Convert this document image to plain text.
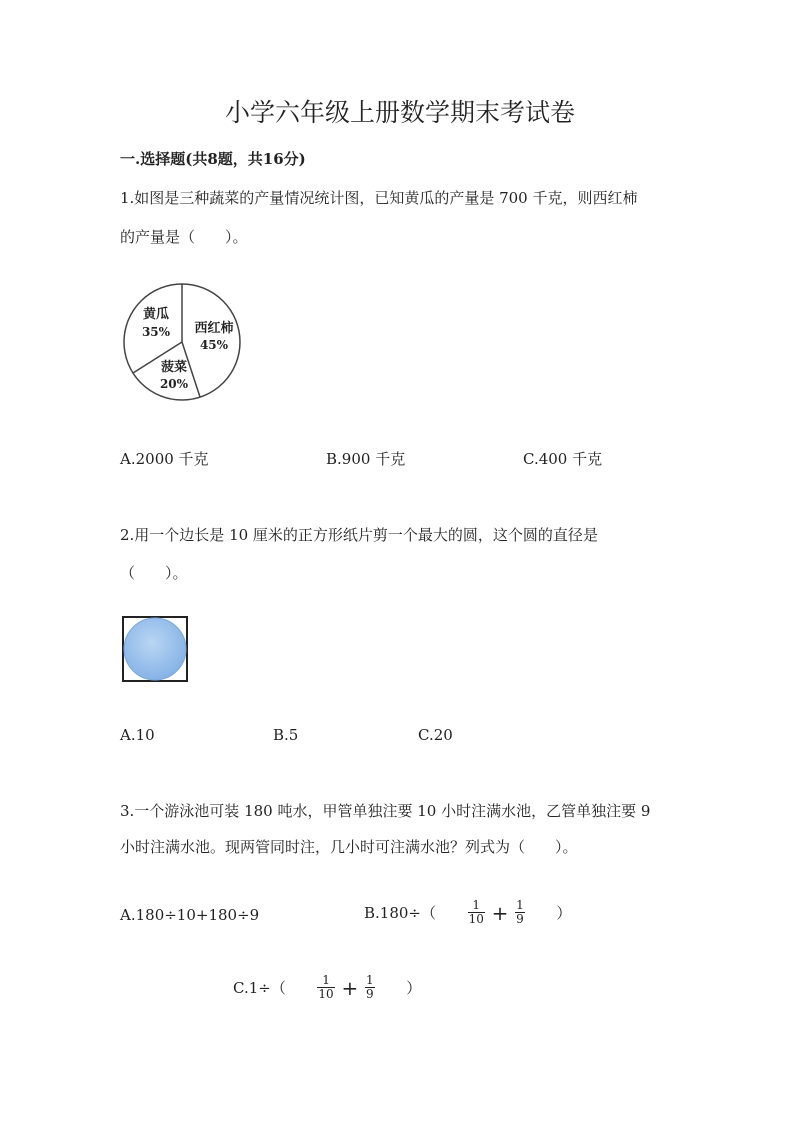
小学六年级上册数学期末考试卷
一.选择题(共8题，共16分)
1.如图是三种蔬菜的产量情况统计图，已知黄瓜的产量是 700 千克，则西红柿
的产量是（　　）。
黄瓜
35% 西红柿
45%
菠菜
20%
A.2000 千克	B.900 千克	C.400 千克
2.用一个边长是 10 厘米的正方形纸片剪一个最大的圆，这个圆的直径是
（　　）。
A.10	B.5	C.20
3.一个游泳池可装 180 吨水，甲管单独注要 10 小时注满水池，乙管单独注要 9
小时注满水池。现两管同时注，几小时可注满水池？列式为（　　）。
A.180÷10+180÷9	B.180÷（	$\frac{1}{10} + \frac{1}{9}$ ）
C.1÷（	$\frac{1}{10} + \frac{1}{9}$ ）
